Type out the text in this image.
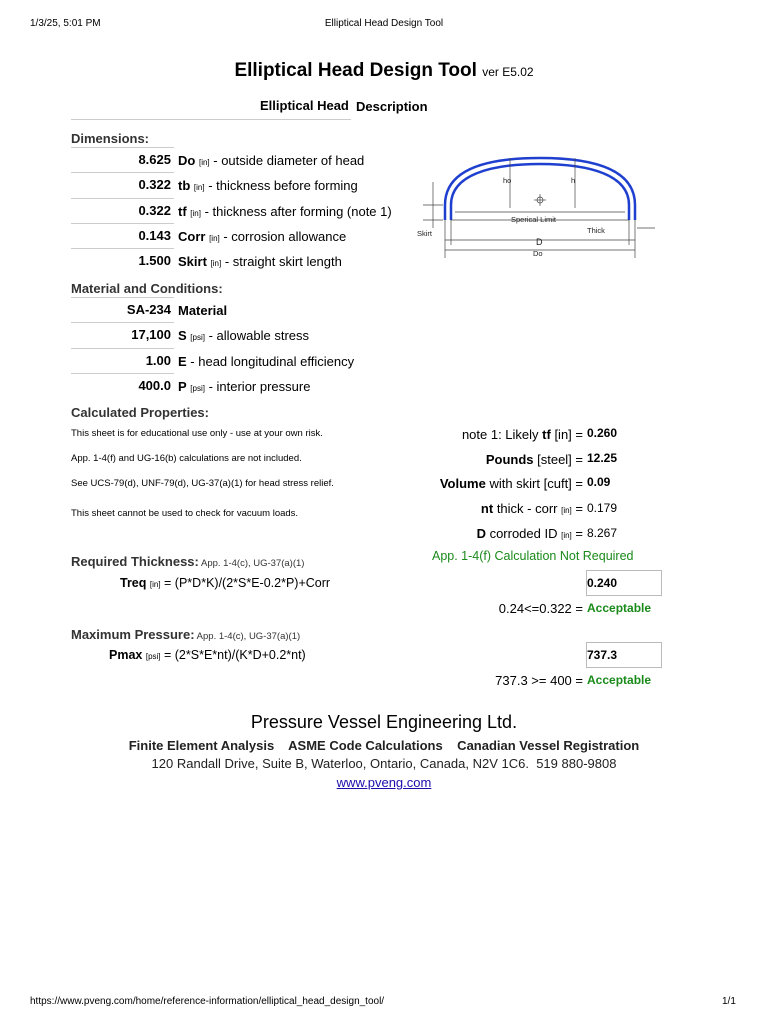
1/3/25, 5:01 PM	Elliptical Head Design Tool
Elliptical Head Design Tool ver E5.02
Elliptical Head Description
Dimensions:
8.625 Do [in] - outside diameter of head
0.322 tb [in] - thickness before forming
0.322 tf [in] - thickness after forming (note 1)
0.143 Corr [in] - corrosion allowance
1.500 Skirt [in] - straight skirt length
Material and Conditions:
SA-234 Material
17,100 S [psi] - allowable stress
1.00 E - head longitudinal efficiency
400.0 P [psi] - interior pressure
ho	h
Sperical Limit
Skirt	Thick
D
Do
Calculated Properties:
This sheet is for educational use only - use at your own risk.
App. 1-4(f) and UG-16(b) calculations are not included.
See UCS-79(d), UNF-79(d), UG-37(a)(1) for head stress relief.
This sheet cannot be used to check for vacuum loads.
note 1: Likely tf [in] = 0.260
Pounds [steel] = 12.25
Volume with skirt [cuft] = 0.09
nt thick - corr [in] = 0.179
D corroded ID [in] = 8.267
App. 1-4(f) Calculation Not Required
Required Thickness: App. 1-4(c), UG-37(a)(1)
Treq [in] = (P*D*K)/(2*S*E-0.2*P)+Corr	0.240
0.24<=0.322 = Acceptable
Maximum Pressure: App. 1-4(c), UG-37(a)(1)
Pmax [psi] = (2*S*E*nt)/(K*D+0.2*nt)	737.3
737.3 >= 400 = Acceptable
Pressure Vessel Engineering Ltd.
Finite Element Analysis    ASME Code Calculations    Canadian Vessel Registration
120 Randall Drive, Suite B, Waterloo, Ontario, Canada, N2V 1C6.  519 880-9808
www.pveng.com
https://www.pveng.com/home/reference-information/elliptical_head_design_tool/	1/1
